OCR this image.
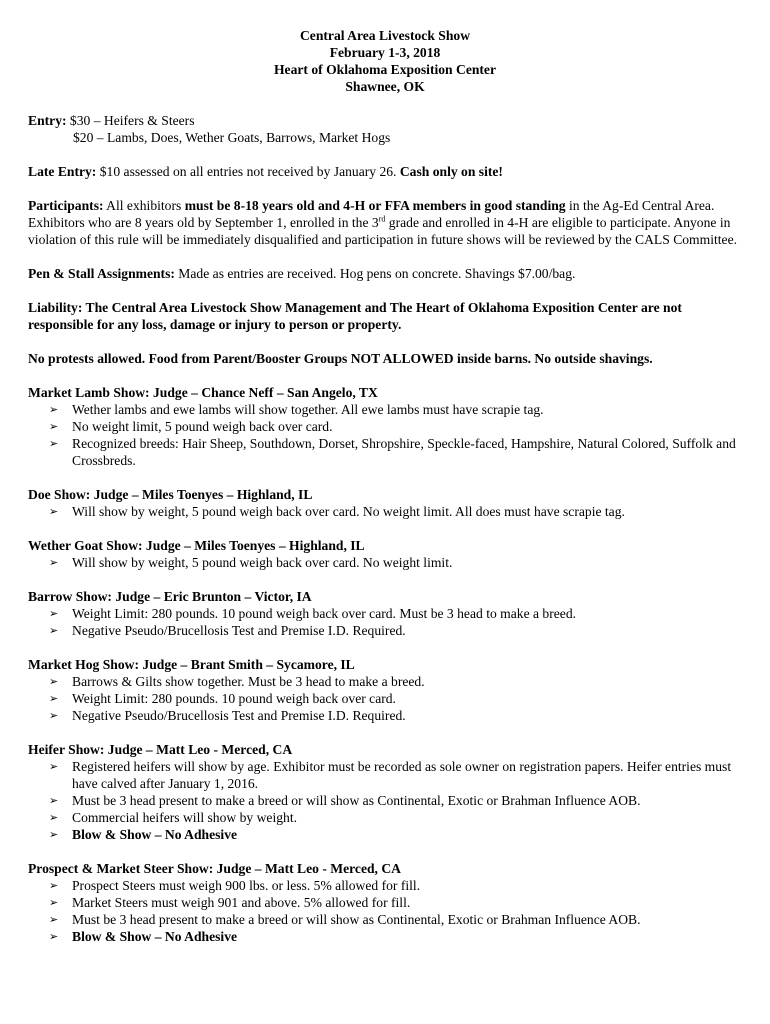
Central Area Livestock Show
February 1-3, 2018
Heart of Oklahoma Exposition Center
Shawnee, OK

Entry: $30 – Heifers & Steers

$20 – Lambs, Does, Wether Goats, Barrows, Market Hogs

Late Entry: $10 assessed on all entries not received by January 26. Cash only on site!

Participants: All exhibitors must be 8-18 years old and 4-H or FFA members in good standing in the Ag-Ed Central Area. Exhibitors who are 8 years old by September 1, enrolled in the 3rd grade and enrolled in 4-H are eligible to participate. Anyone in violation of this rule will be immediately disqualified and participation in future shows will be reviewed by the CALS Committee.

Pen & Stall Assignments: Made as entries are received. Hog pens on concrete. Shavings $7.00/bag.

Liability: The Central Area Livestock Show Management and The Heart of Oklahoma Exposition Center are not responsible for any loss, damage or injury to person or property.

No protests allowed. Food from Parent/Booster Groups NOT ALLOWED inside barns. No outside shavings.

Market Lamb Show: Judge – Chance Neff – San Angelo, TX

➢ Wether lambs and ewe lambs will show together. All ewe lambs must have scrapie tag.
➢ No weight limit, 5 pound weigh back over card.
➢ Recognized breeds: Hair Sheep, Southdown, Dorset, Shropshire, Speckle-faced, Hampshire, Natural Colored, Suffolk and Crossbreds.

Doe Show: Judge – Miles Toenyes – Highland, IL

➢ Will show by weight, 5 pound weigh back over card. No weight limit. All does must have scrapie tag.

Wether Goat Show: Judge – Miles Toenyes – Highland, IL

➢ Will show by weight, 5 pound weigh back over card. No weight limit.

Barrow Show: Judge – Eric Brunton – Victor, IA

➢ Weight Limit: 280 pounds. 10 pound weigh back over card. Must be 3 head to make a breed.
➢ Negative Pseudo/Brucellosis Test and Premise I.D. Required.

Market Hog Show: Judge – Brant Smith – Sycamore, IL

➢ Barrows & Gilts show together. Must be 3 head to make a breed.
➢ Weight Limit: 280 pounds. 10 pound weigh back over card.
➢ Negative Pseudo/Brucellosis Test and Premise I.D. Required.

Heifer Show: Judge – Matt Leo - Merced, CA

➢ Registered heifers will show by age. Exhibitor must be recorded as sole owner on registration papers. Heifer entries must have calved after January 1, 2016.
➢ Must be 3 head present to make a breed or will show as Continental, Exotic or Brahman Influence AOB.
➢ Commercial heifers will show by weight.
➢ Blow & Show – No Adhesive

Prospect & Market Steer Show: Judge – Matt Leo - Merced, CA

➢ Prospect Steers must weigh 900 lbs. or less. 5% allowed for fill.
➢ Market Steers must weigh 901 and above. 5% allowed for fill.
➢ Must be 3 head present to make a breed or will show as Continental, Exotic or Brahman Influence AOB.
➢ Blow & Show – No Adhesive
